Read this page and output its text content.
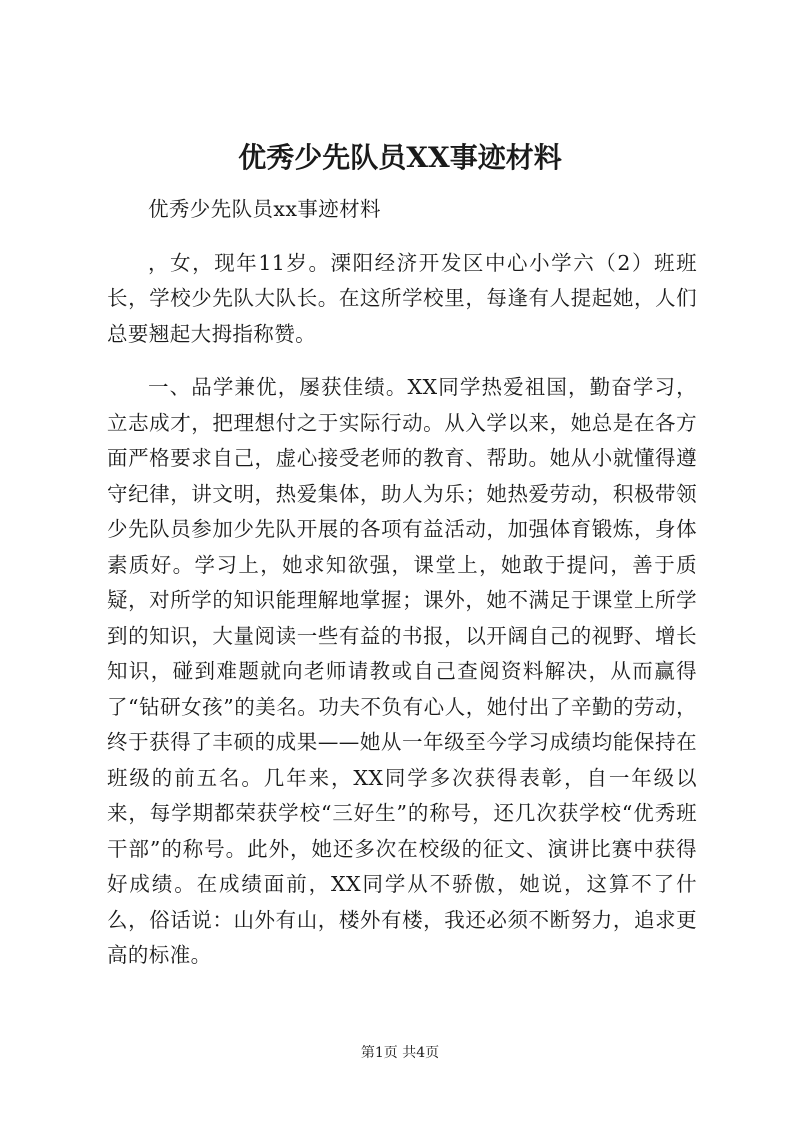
优秀少先队员XX事迹材料

优秀少先队员xx事迹材料

，女，现年11岁。溧阳经济开发区中心小学六（2）班班长，学校少先队大队长。在这所学校里，每逢有人提起她，人们总要翘起大拇指称赞。

一、品学兼优，屡获佳绩。XX同学热爱祖国，勤奋学习，立志成才，把理想付之于实际行动。从入学以来，她总是在各方面严格要求自己，虚心接受老师的教育、帮助。她从小就懂得遵守纪律，讲文明，热爱集体，助人为乐；她热爱劳动，积极带领少先队员参加少先队开展的各项有益活动，加强体育锻炼，身体素质好。学习上，她求知欲强，课堂上，她敢于提问，善于质疑，对所学的知识能理解地掌握；课外，她不满足于课堂上所学到的知识，大量阅读一些有益的书报，以开阔自己的视野、增长知识，碰到难题就向老师请教或自己查阅资料解决，从而赢得了“钻研女孩”的美名。功夫不负有心人，她付出了辛勤的劳动，终于获得了丰硕的成果——她从一年级至今学习成绩均能保持在班级的前五名。几年来，XX同学多次获得表彰，自一年级以来，每学期都荣获学校“三好生”的称号，还几次获学校“优秀班干部”的称号。此外，她还多次在校级的征文、演讲比赛中获得好成绩。在成绩面前，XX同学从不骄傲，她说，这算不了什么，俗话说：山外有山，楼外有楼，我还必须不断努力，追求更高的标准。

第1页 共4页
